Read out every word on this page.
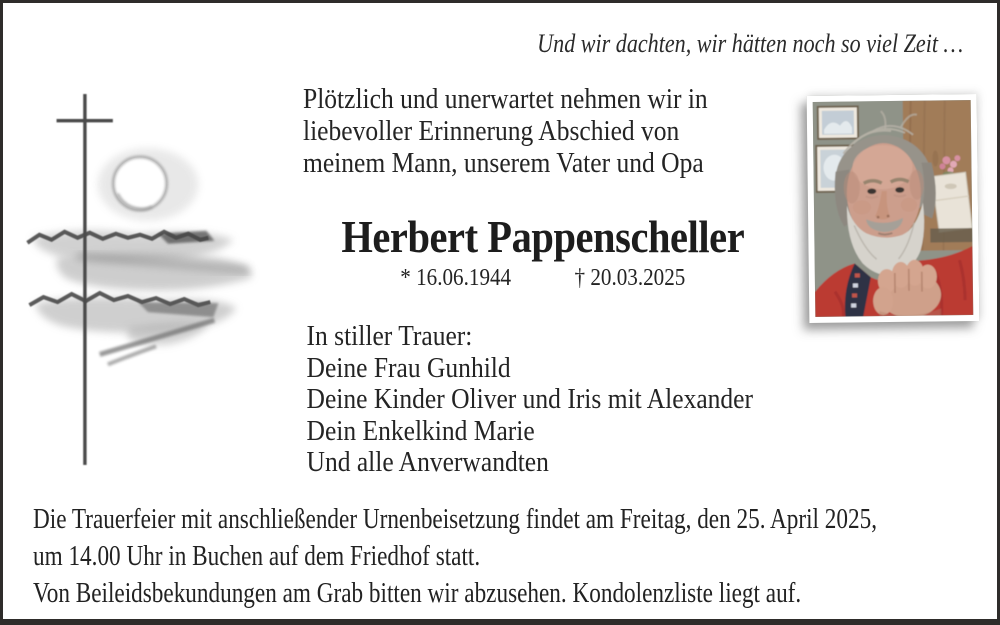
Und wir dachten, wir hätten noch so viel Zeit …
Plötzlich und unerwartet nehmen wir in
liebevoller Erinnerung Abschied von
meinem Mann, unserem Vater und Opa
Herbert Pappenscheller
* 16.06.1944	† 20.03.2025
In stiller Trauer:
Deine Frau Gunhild
Deine Kinder Oliver und Iris mit Alexander
Dein Enkelkind Marie
Und alle Anverwandten
Die Trauerfeier mit anschließender Urnenbeisetzung findet am Freitag, den 25. April 2025,
um 14.00 Uhr in Buchen auf dem Friedhof statt.
Von Beileidsbekundungen am Grab bitten wir abzusehen. Kondolenzliste liegt auf.
